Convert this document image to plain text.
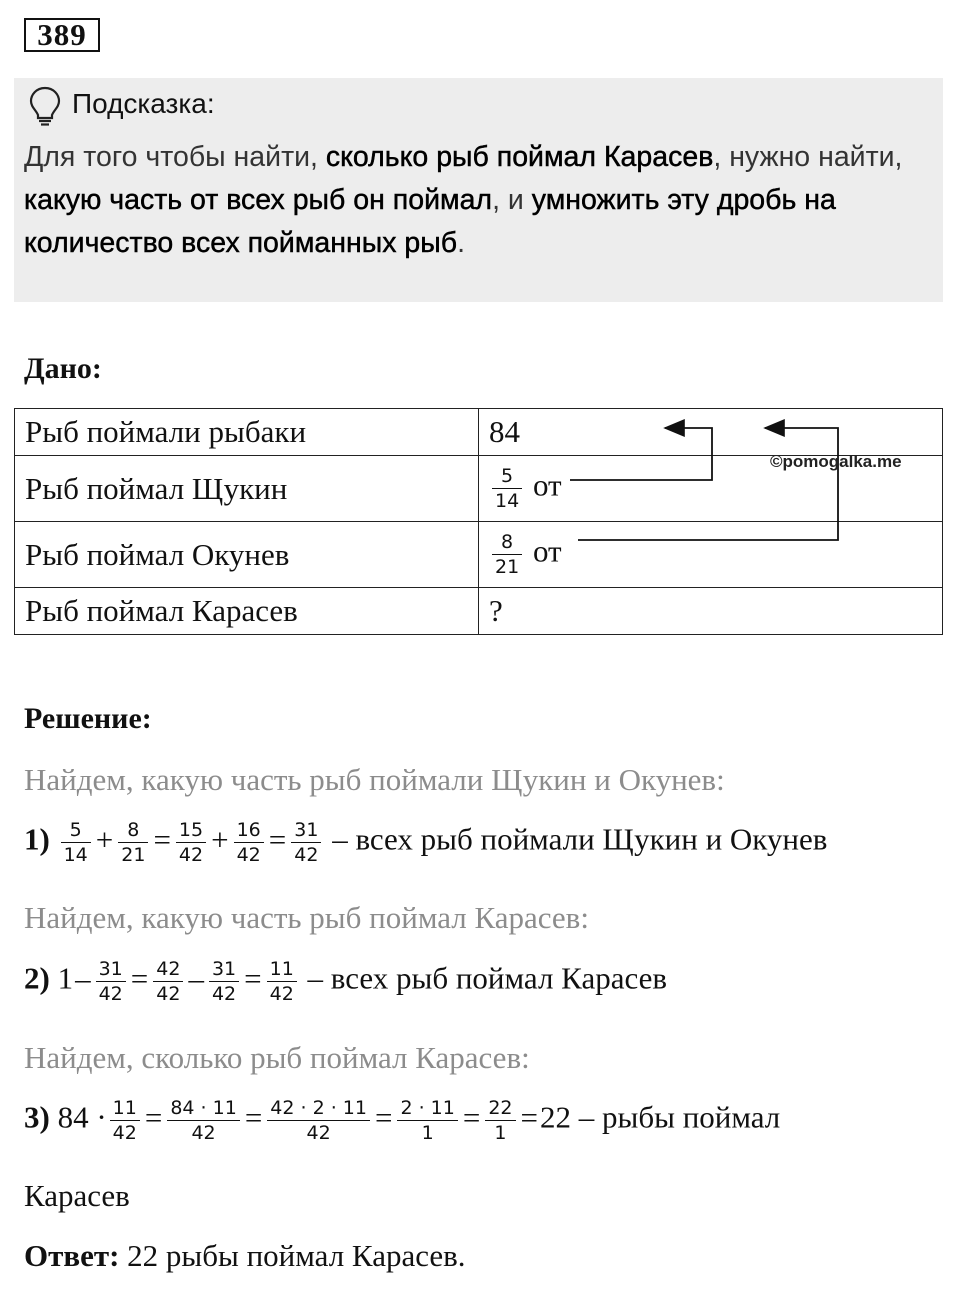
389
Подсказка:
Для того чтобы найти, сколько рыб поймал Карасев, нужно найти, какую часть от всех рыб он поймал, и умножить эту дробь на количество всех пойманных рыб.
Дано:
Рыб поймали рыбаки	84
Рыб поймал Щукин	$\frac{5}{14}$ от
Рыб поймал Окунев	$\frac{8}{21}$ от
Рыб поймал Карасев	?
©pomogalka.me
Решение:
Найдем, какую часть рыб поймали Щукин и Окунев:
$1) \frac{5}{14} + \frac{8}{21} = \frac{15}{42} + \frac{16}{42} = \frac{31}{42}$ – всех рыб поймали Щукин и Окунев
Найдем, какую часть рыб поймал Карасев:
2) $1- \frac{31}{42} = \frac{42}{42} - \frac{31}{42} = \frac{11}{42}$ – всех рыб поймал Карасев
Найдем, сколько рыб поймал Карасев:
3) $84 \cdot \frac{11}{42} = \frac{84 \cdot 11}{42} = \frac{42 \cdot 2 \cdot 11}{42} = \frac{2 \cdot 11}{1} = \frac{22}{1} =22$ – рыбы поймал
Карасев
Ответ: 22 рыбы поймал Карасев.
